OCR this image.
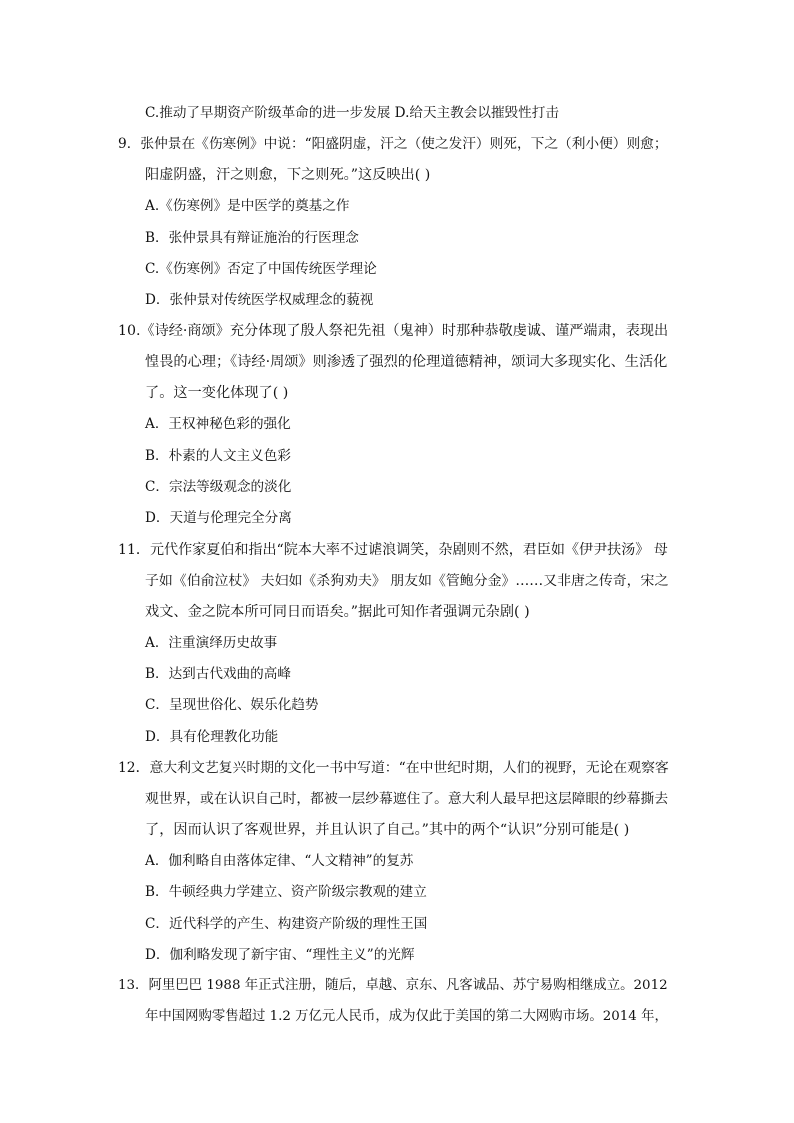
C.推动了早期资产阶级革命的进一步发展 D.给天主教会以摧毁性打击
9．张仲景在《伤寒例》中说：“阳盛阴虚，汗之（使之发汗）则死，下之（利小便）则愈；
阳虚阴盛，汗之则愈，下之则死。”这反映出( )
A.《伤寒例》是中医学的奠基之作
B．张仲景具有辩证施治的行医理念
C.《伤寒例》否定了中国传统医学理论
D．张仲景对传统医学权威理念的藐视
10.《诗经·商颂》充分体现了殷人祭祀先祖（鬼神）时那种恭敬虔诚、谨严端肃，表现出
惶畏的心理；《诗经·周颂》则渗透了强烈的伦理道德精神，颂词大多现实化、生活化
了。这一变化体现了( )
A．王权神秘色彩的强化
B．朴素的人文主义色彩
C．宗法等级观念的淡化
D．天道与伦理完全分离
11．元代作家夏伯和指出“院本大率不过谑浪调笑，杂剧则不然，君臣如《伊尹扶汤》 母
子如《伯俞泣杖》 夫妇如《杀狗劝夫》 朋友如《管鲍分金》……又非唐之传奇，宋之
戏文、金之院本所可同日而语矣。”据此可知作者强调元杂剧( )
A．注重演绎历史故事
B．达到古代戏曲的高峰
C．呈现世俗化、娱乐化趋势
D．具有伦理教化功能
12．意大利文艺复兴时期的文化一书中写道：“在中世纪时期，人们的视野，无论在观察客
观世界，或在认识自己时，都被一层纱幕遮住了。意大利人最早把这层障眼的纱幕撕去
了，因而认识了客观世界，并且认识了自己。”其中的两个“认识”分别可能是( )
A．伽利略自由落体定律、“人文精神”的复苏
B．牛顿经典力学建立、资产阶级宗教观的建立
C．近代科学的产生、构建资产阶级的理性王国
D．伽利略发现了新宇宙、“理性主义”的光辉
13．阿里巴巴 1988 年正式注册，随后，卓越、京东、凡客诚品、苏宁易购相继成立。2012
年中国网购零售超过 1.2 万亿元人民币，成为仅此于美国的第二大网购市场。2014 年，
